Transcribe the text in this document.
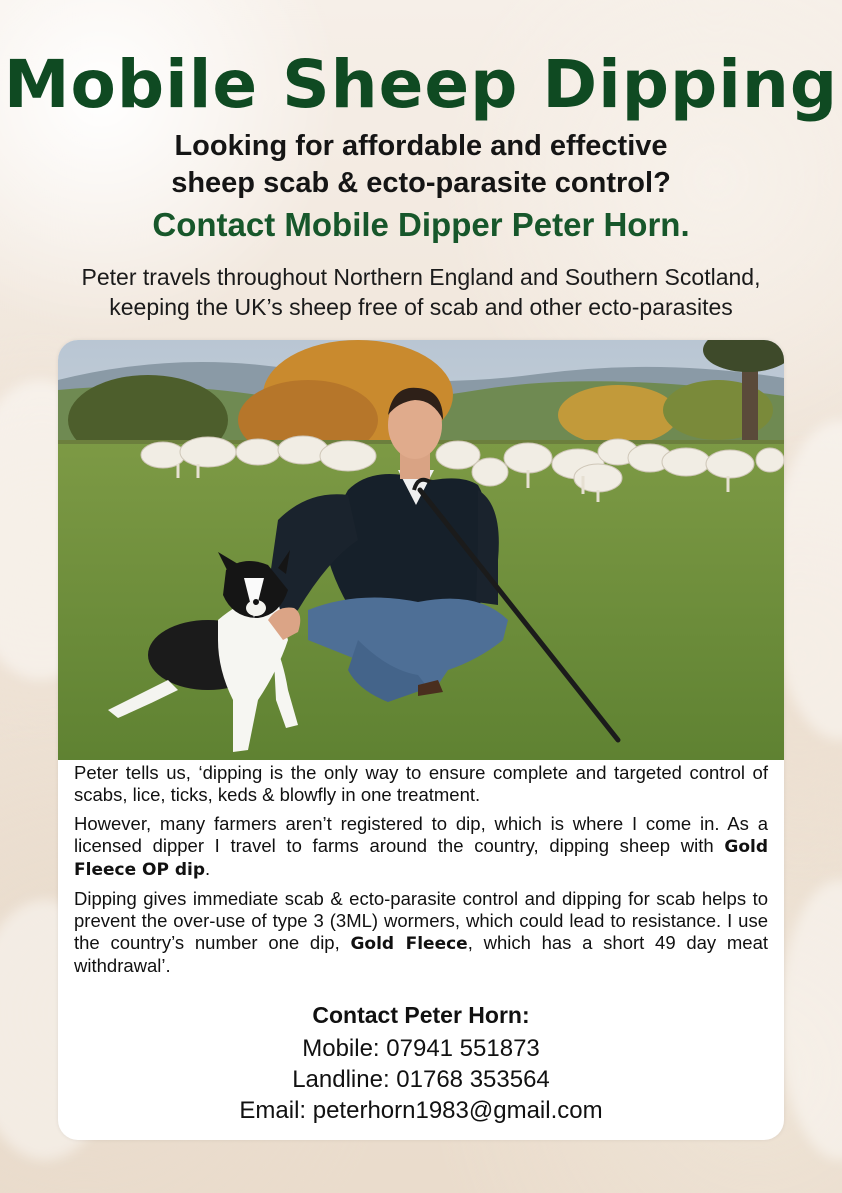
Mobile Sheep Dipping
Looking for affordable and effective
sheep scab & ecto-parasite control?
Contact Mobile Dipper Peter Horn.

Peter travels throughout Northern England and Southern Scotland,
keeping the UK’s sheep free of scab and other ecto-parasites

Peter tells us, ‘dipping is the only way to ensure complete and targeted control of scabs, lice, ticks, keds & blowfly in one treatment.

However, many farmers aren’t registered to dip, which is where I come in. As a licensed dipper I travel to farms around the country, dipping sheep with Gold Fleece OP dip.

Dipping gives immediate scab & ecto-parasite control and dipping for scab helps to prevent the over-use of type 3 (3ML) wormers, which could lead to resistance. I use the country’s number one dip, Gold Fleece, which has a short 49 day meat withdrawal’.

Contact Peter Horn:

Mobile: 07941 551873

Landline: 01768 353564

Email: peterhorn1983@gmail.com
